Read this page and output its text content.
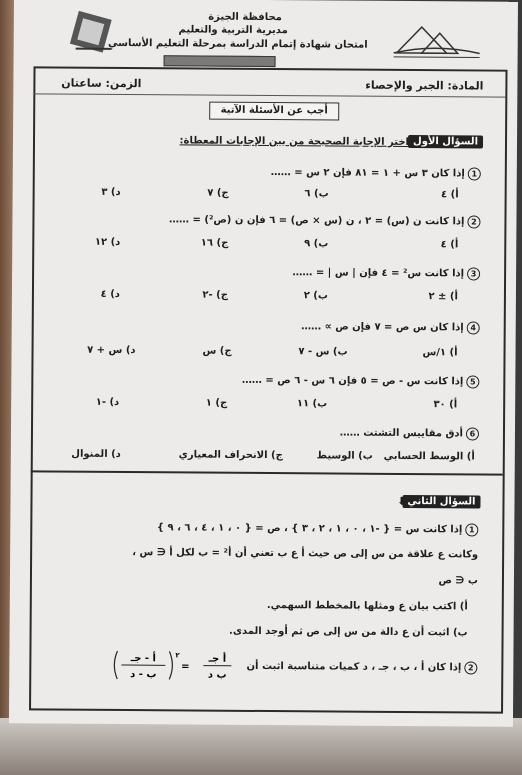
محافظة الجيزة
مديرية التربية والتعليم
امتحان شهادة إتمام الدراسة بمرحلة التعليم الأساسي
المادة: الجبر والإحصاء
الزمن: ساعتان
أجب عن الأسئلة الآتية
السؤال الأول
اختر الإجابة الصحيحة من بين الإجابات المعطاة:
1إذا كان ٣ س + ١ = ٨١ فإن ٢ س = ……
أ) ٤
ب) ٦
ج) ٧
د) ٣
2إذا كانت ن (س) = ٢ ، ن (س × ص) = ٦ فإن ن (ص²) = ……
أ) ٤
ب) ٩
ج) ١٦
د) ١٢
3إذا كانت س² = ٤ فإن | س | = ……
أ) ± ٢
ب) ٢
ج) -٢
د) ٤
4إذا كان س ص = ٧ فإن ص ∝ ……
أ) ١/س
ب) س - ٧
ج) س
د) س + ٧
5إذا كانت س - ص = ٥ فإن ٦ س - ٦ ص = ……
أ) ٣٠
ب) ١١
ج) ١
د) -١
6أدق مقاييس التشتت ……
أ) الوسط الحسابي
ب) الوسيط
ج) الانحراف المعياري
د) المنوال
السؤال الثاني
⬇
1إذا كانت س = { -١ ، ٠ ، ١ ، ٢ ، ٣ } ، ص = { ٠ ، ١ ، ٤ ، ٦ ، ٩ }
وكانت ع علاقة من س إلى ص حيث أ ع ب تعني أن أ² = ب لكل أ ∈ س ،
ب ∈ ص
أ) اكتب بيان ع ومثلها بالمخطط السهمي.
ب) اثبت أن ع دالة من س إلى ص ثم أوجد المدى.
2إذا كان أ ، ب ، جـ ، د كميات متناسبة اثبت أن
أ جـ
ب د
=
أ - جـ
ب - د
٢
